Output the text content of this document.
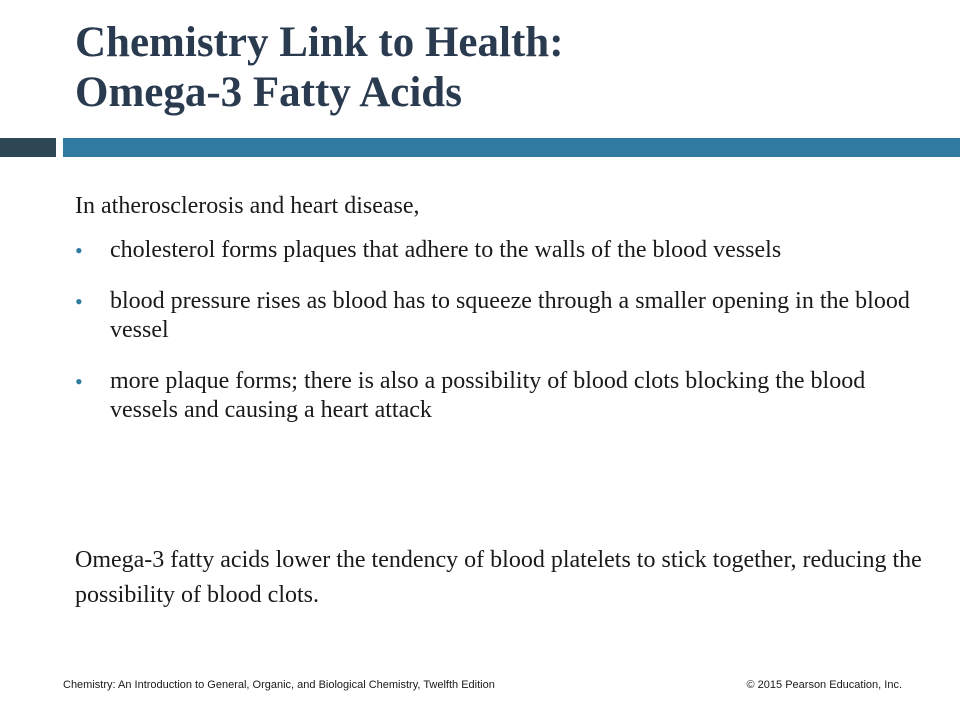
Chemistry Link to Health:
Omega-3 Fatty Acids

In atherosclerosis and heart disease,

• cholesterol forms plaques that adhere to the walls of the blood vessels
• blood pressure rises as blood has to squeeze through a smaller opening in the blood vessel
• more plaque forms; there is also a possibility of blood clots blocking the blood vessels and causing a heart attack

Omega-3 fatty acids lower the tendency of blood platelets to stick together, reducing the possibility of blood clots.

Chemistry: An Introduction to General, Organic, and Biological Chemistry, Twelfth Edition	© 2015 Pearson Education, Inc.
